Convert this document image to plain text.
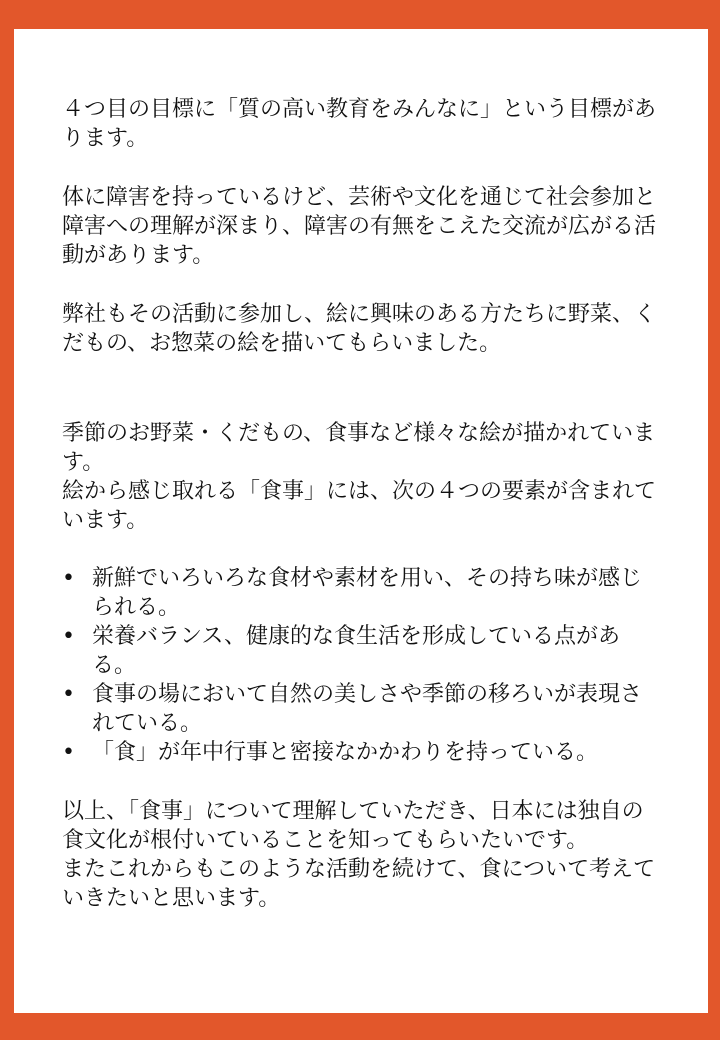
４つ目の目標に「質の高い教育をみんなに」という目標があります。

体に障害を持っているけど、芸術や文化を通じて社会参加と障害への理解が深まり、障害の有無をこえた交流が広がる活動があります。

弊社もその活動に参加し、絵に興味のある方たちに野菜、くだもの、お惣菜の絵を描いてもらいました。

季節のお野菜・くだもの、食事など様々な絵が描かれています。

絵から感じ取れる「食事」には、次の４つの要素が含まれています。

• 新鮮でいろいろな食材や素材を用い、その持ち味が感じられる。
• 栄養バランス、健康的な食生活を形成している点がある。
• 食事の場において自然の美しさや季節の移ろいが表現されている。
• 「食」が年中行事と密接なかかわりを持っている。

以上、「食事」について理解していただき、日本には独自の食文化が根付いていることを知ってもらいたいです。

またこれからもこのような活動を続けて、食について考えていきたいと思います。
